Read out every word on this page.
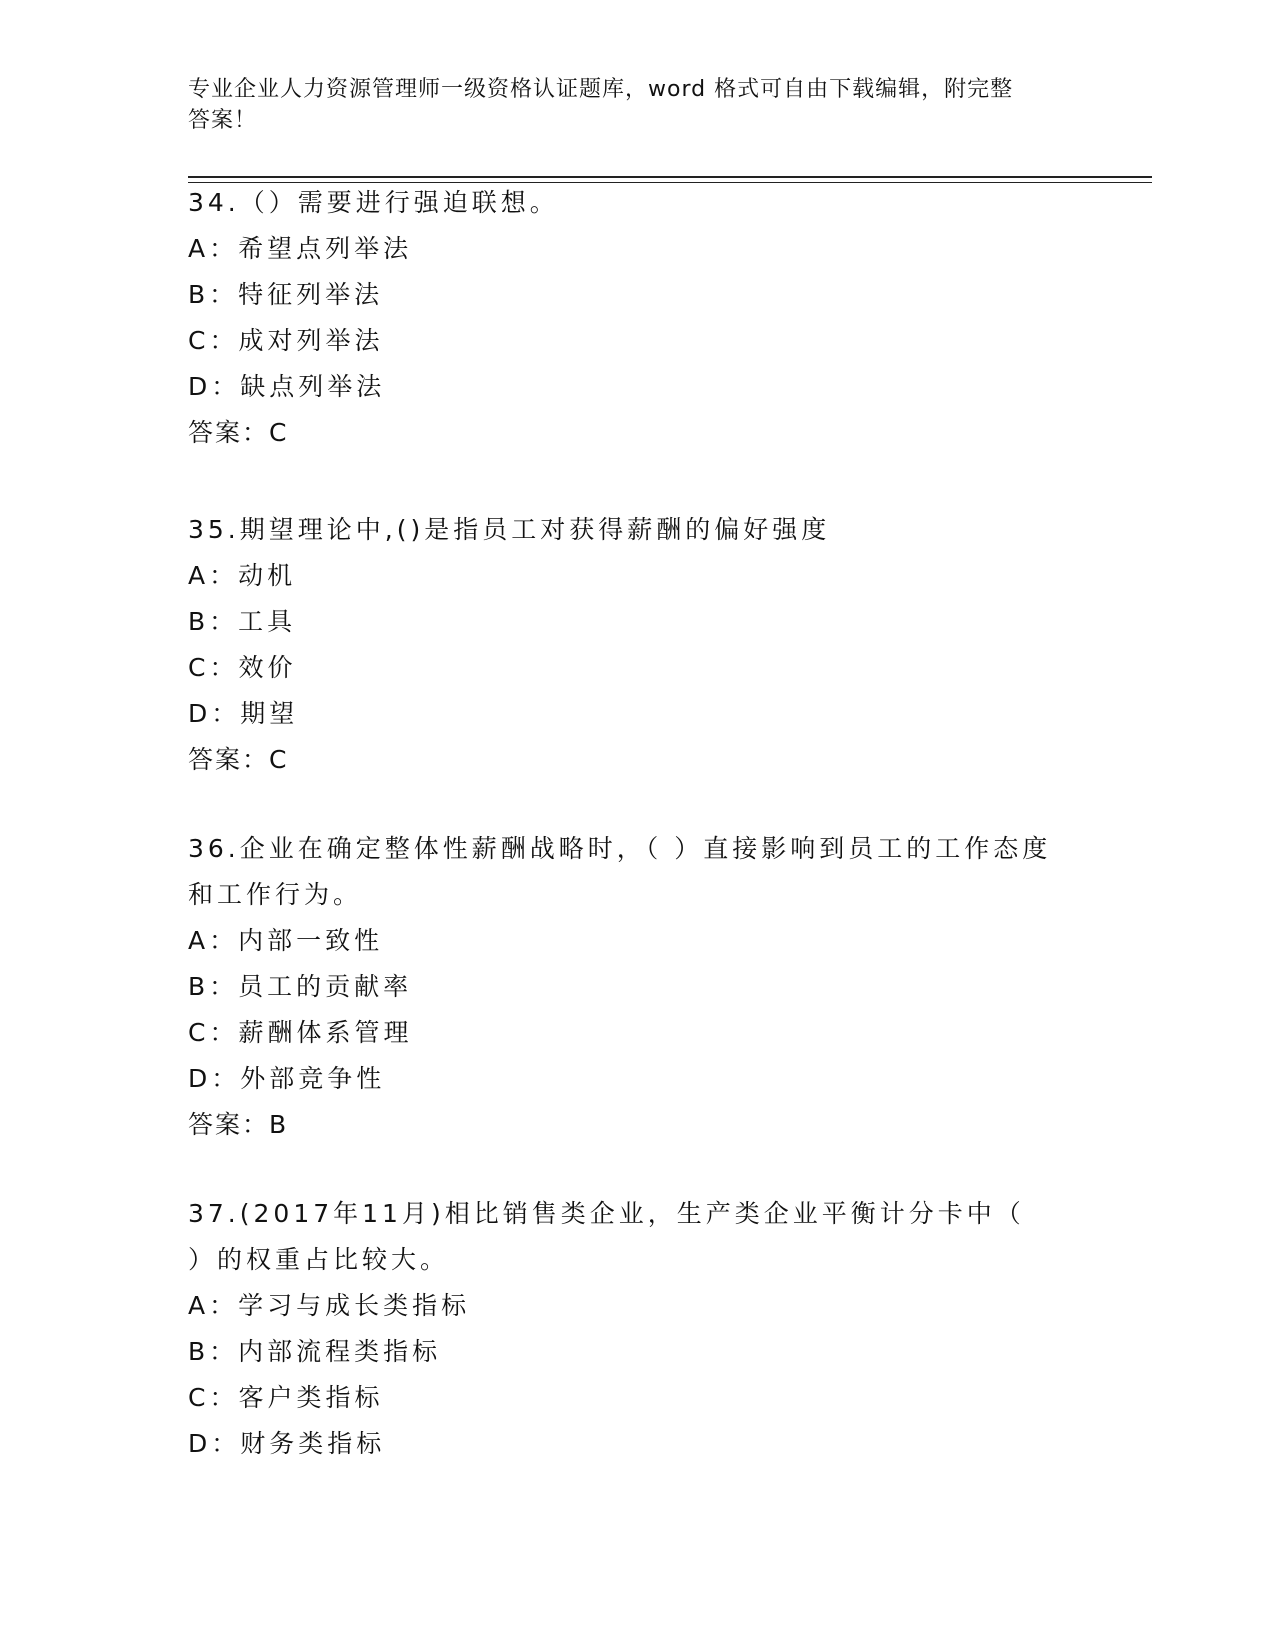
专业企业人力资源管理师一级资格认证题库，word 格式可自由下载编辑，附完整
答案！
34.（）需要进行强迫联想。
A：希望点列举法
B：特征列举法
C：成对列举法
D：缺点列举法
答案：C
35.期望理论中,()是指员工对获得薪酬的偏好强度
A：动机
B：工具
C：效价
D：期望
答案：C
36.企业在确定整体性薪酬战略时，（ ）直接影响到员工的工作态度
和工作行为。
A：内部一致性
B：员工的贡献率
C：薪酬体系管理
D：外部竞争性
答案：B
37.(2017年11月)相比销售类企业，生产类企业平衡计分卡中（
）的权重占比较大。
A：学习与成长类指标
B：内部流程类指标
C：客户类指标
D：财务类指标
